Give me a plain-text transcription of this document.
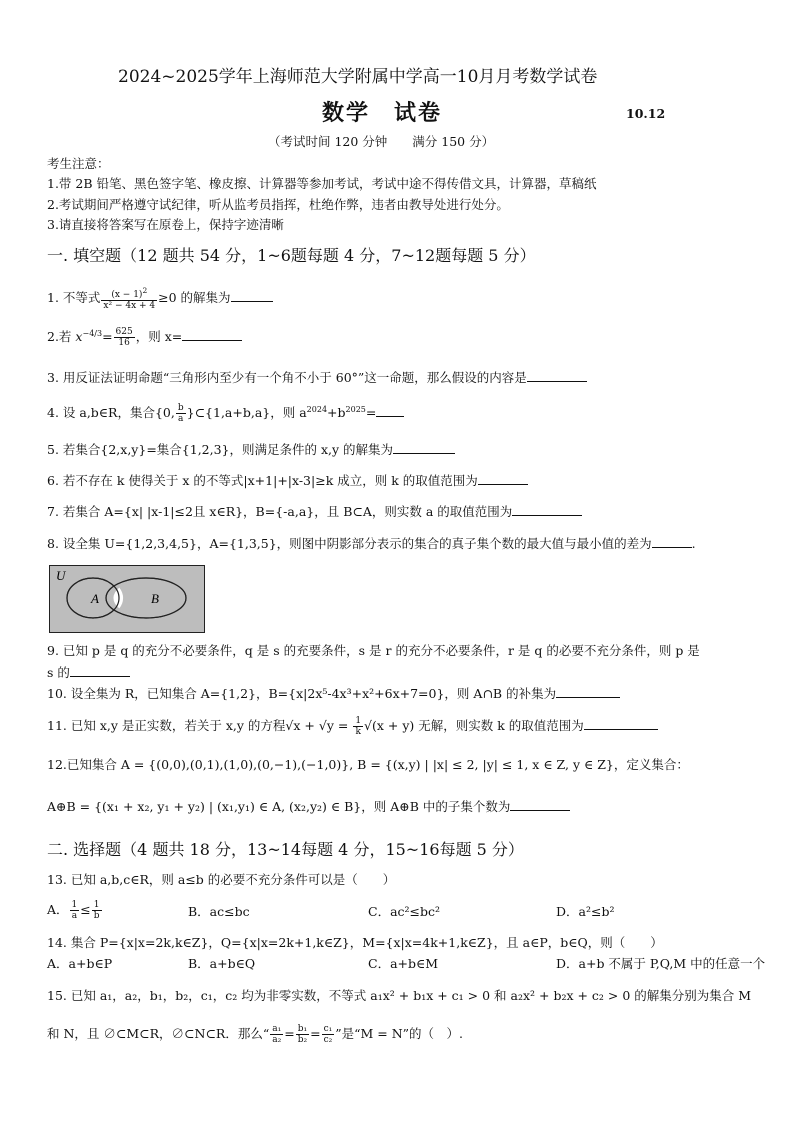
2024~2025学年上海师范大学附属中学高一10月月考数学试卷
数学　试卷	10.12
（考试时间 120 分钟　　满分 150 分）
考生注意：
1.带 2B 铅笔、黑色签字笔、橡皮擦、计算器等参加考试，考试中途不得传借文具，计算器，草稿纸
2.考试期间严格遵守试纪律，听从监考员指挥，杜绝作弊，违者由教导处进行处分。
3.请直接将答案写在原卷上，保持字迹清晰
一. 填空题（12 题共 54 分，1~6题每题 4 分，7~12题每题 5 分）
1. 不等式 $\frac{(x - 1)^2}{\text{x² − 4x + 4}} \ge 0$ 的解集为
2.若 $x^{-4/3}= \frac{625}{16}$ ，则 x=
3. 用反证法证明命题“三角形内至少有一个角不小于 60°”这一命题，那么假设的内容是
4. 设 a,b∈R，集合{0, $\frac{b}{a}$ }⊂{1,a+b,a}，则 $a^{2024}+b^{2025}=$
5. 若集合{2,x,y}=集合{1,2,3}，则满足条件的 x,y 的解集为
6. 若不存在 k 使得关于 x 的不等式|x+1|+|x-3|≥k 成立，则 k 的取值范围为
7. 若集合 A={x| |x-1|≤2且 x∈R}，B={-a,a}，且 B⊂A，则实数 a 的取值范围为
8. 设全集 U={1,2,3,4,5}，A={1,3,5}，则图中阴影部分表示的集合的真子集个数的最大值与最小值的差为	.
U
A	B
9. 已知 p 是 q 的充分不必要条件，q 是 s 的充要条件，s 是 r 的充分不必要条件，r 是 q 的必要不充分条件，则 p 是
s 的
10. 设全集为 R，已知集合 A={1,2}，B={x|2x⁵-4x³+x²+6x+7=0}，则 A∩B 的补集为
11. 已知 x,y 是正实数，若关于 x,y 的方程$√x + √y = \frac{1}{k} √(x + y)$ 无解，则实数 k 的取值范围为
12.已知集合 A = {(0,0),(0,1),(1,0),(0,−1),(−1,0)}, B = {(x,y) | |x| ≤ 2, |y| ≤ 1, x ∈ Z, y ∈ Z}，定义集合：
A⊕B = {(x₁ + x₂, y₁ + y₂) | (x₁,y₁) ∈ A, (x₂,y₂) ∈ B}，则 A⊕B 中的子集个数为
二. 选择题（4 题共 18 分，13~14每题 4 分，15~16每题 5 分）
13. 已知 a,b,c∈R，则 a≤b 的必要不充分条件可以是（　　）
A． $\frac{1}{a} \le \frac{1}{b}$	B．ac≤bc	C．ac²≤bc²	D．a²≤b²
14. 集合 P={x|x=2k,k∈Z}，Q={x|x=2k+1,k∈Z}，M={x|x=4k+1,k∈Z}，且 a∈P，b∈Q，则（　　）
A．a+b∈P	B．a+b∈Q	C．a+b∈M	D．a+b 不属于 P,Q,M 中的任意一个
15. 已知 a₁，a₂，b₁，b₂，c₁，c₂ 均为非零实数，不等式 a₁x² + b₁x + c₁ > 0 和 a₂x² + b₂x + c₂ > 0 的解集分别为集合 M
和 N，且 ∅⊂M⊂R，∅⊂N⊂R．那么“ $\frac{\text{a₁}}{\text{a₂}} = \frac{\text{b₁}}{\text{b₂}} = \frac{\text{c₁}}{\text{c₂}}$ ”是“M = N”的（　）.
